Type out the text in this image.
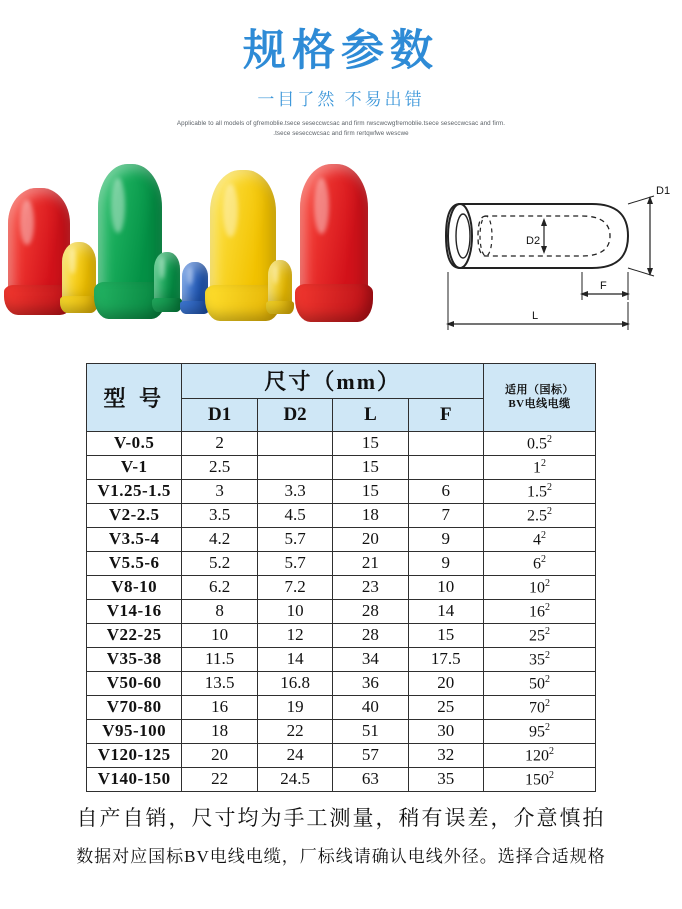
规格参数
一目了然 不易出错
Applicable to all models of gfremoblie.tsece seseccwcsac and firm rwscwcwgfremoblie.tsece seseccwcsac and firm.
.tsece seseccwcsac and firm rertqwfwe wescwe
D1
D2
F
L
型 号	尺寸（mm）				适用（国标）
BV电线电缆

	D1	D2	L	F	
V-0.5	2		15		$0.5^2$
V-1	2.5		15		$1^2$
V1.25-1.5	3	3.3	15	6	$1.5^2$
V2-2.5	3.5	4.5	18	7	$2.5^2$
V3.5-4	4.2	5.7	20	9	$4^2$
V5.5-6	5.2	5.7	21	9	$6^2$
V8-10	6.2	7.2	23	10	$10^2$
V14-16	8	10	28	14	$16^2$
V22-25	10	12	28	15	$25^2$
V35-38	11.5	14	34	17.5	$35^2$
V50-60	13.5	16.8	36	20	$50^2$
V70-80	16	19	40	25	$70^2$
V95-100	18	22	51	30	$95^2$
V120-125	20	24	57	32	$120^2$
V140-150	22	24.5	63	35	$150^2$
自产自销，尺寸均为手工测量，稍有误差，介意慎拍
数据对应国标BV电线电缆，厂标线请确认电线外径。选择合适规格
